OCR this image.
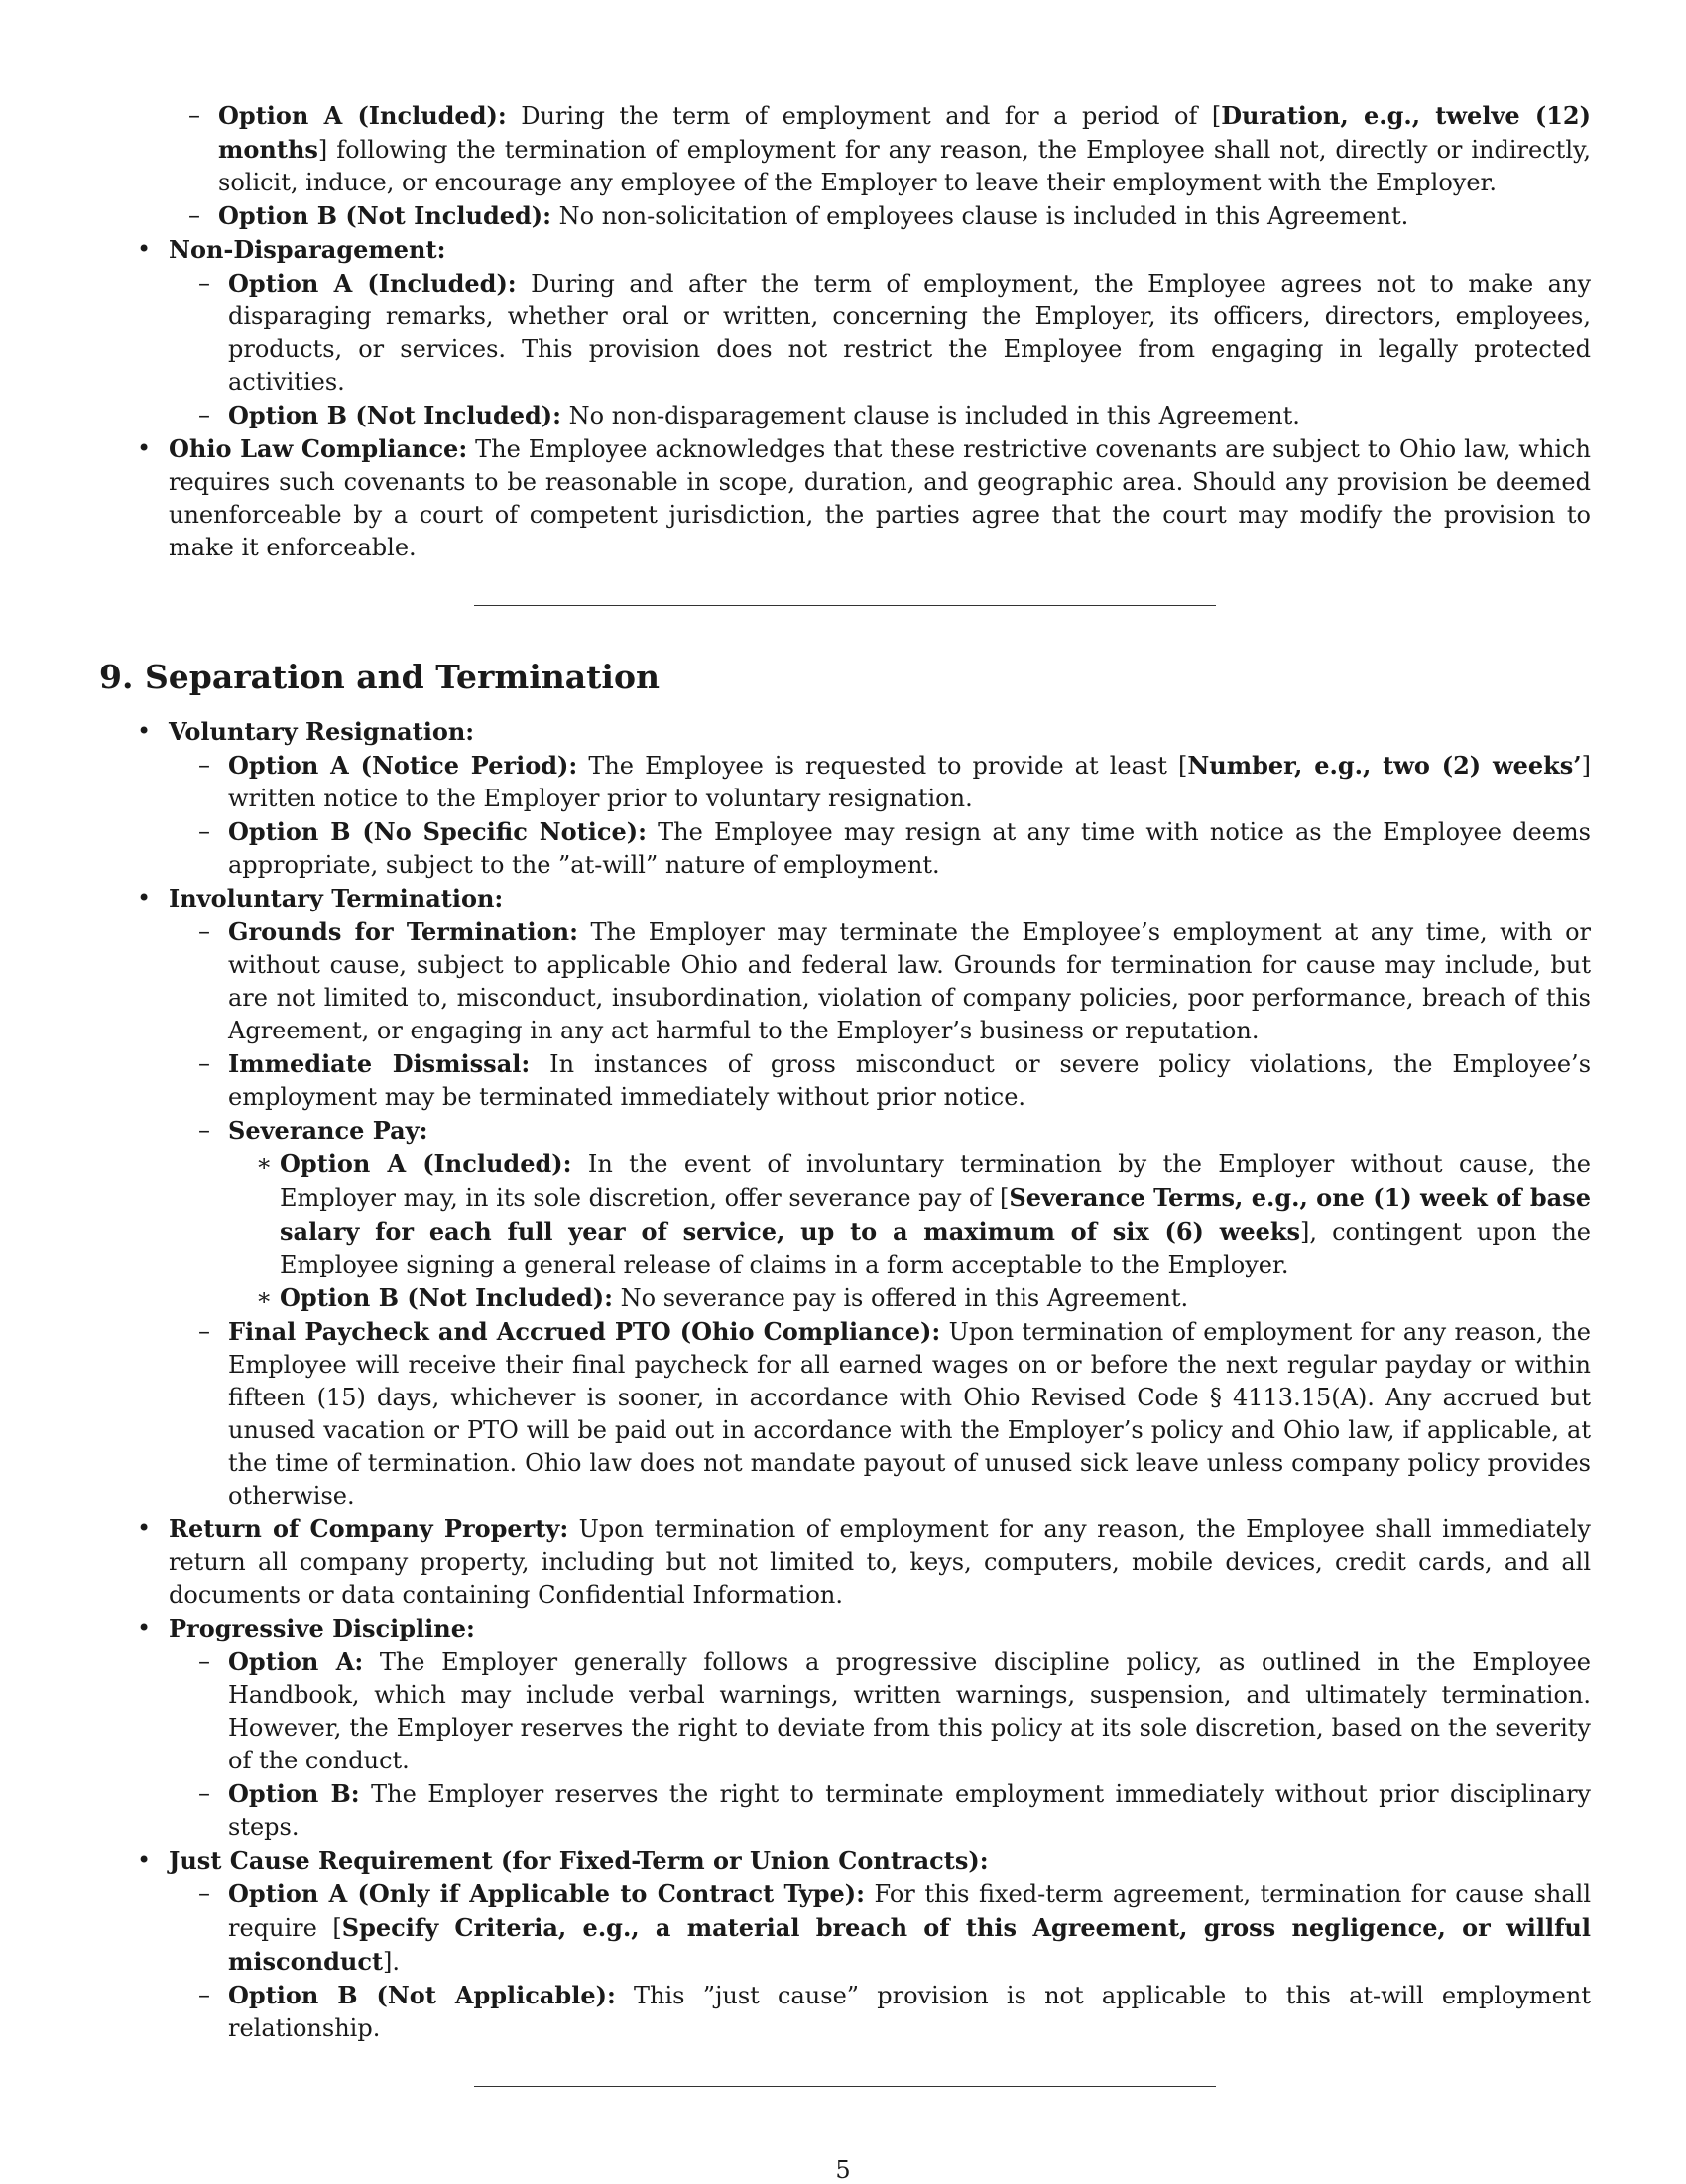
– Option A (Included): During the term of employment and for a period of [Duration, e.g., twelve (12) months] following the termination of employment for any reason, the Employee shall not, directly or indirectly, solicit, induce, or encourage any employee of the Employer to leave their employment with the Employer.
– Option B (Not Included): No non-solicitation of employees clause is included in this Agreement.
• Non-Disparagement:
– Option A (Included): During and after the term of employment, the Employee agrees not to make any disparaging remarks, whether oral or written, concerning the Employer, its officers, directors, employees, products, or services. This provision does not restrict the Employee from engaging in legally protected activities.
– Option B (Not Included): No non-disparagement clause is included in this Agreement.
• Ohio Law Compliance: The Employee acknowledges that these restrictive covenants are subject to Ohio law, which requires such covenants to be reasonable in scope, duration, and geographic area. Should any provision be deemed unenforceable by a court of competent jurisdiction, the parties agree that the court may modify the provision to make it enforceable.
9. Separation and Termination
• Voluntary Resignation:
– Option A (Notice Period): The Employee is requested to provide at least [Number, e.g., two (2) weeks’] written notice to the Employer prior to voluntary resignation.
– Option B (No Specific Notice): The Employee may resign at any time with notice as the Employee deems appropriate, subject to the ”at-will” nature of employment.
• Involuntary Termination:
– Grounds for Termination: The Employer may terminate the Employee’s employment at any time, with or without cause, subject to applicable Ohio and federal law. Grounds for termination for cause may include, but are not limited to, misconduct, insubordination, violation of company policies, poor performance, breach of this Agreement, or engaging in any act harmful to the Employer’s business or reputation.
– Immediate Dismissal: In instances of gross misconduct or severe policy violations, the Employee’s employment may be terminated immediately without prior notice.
– Severance Pay:
∗ Option A (Included): In the event of involuntary termination by the Employer without cause, the Employer may, in its sole discretion, offer severance pay of [Severance Terms, e.g., one (1) week of base salary for each full year of service, up to a maximum of six (6) weeks], contingent upon the Employee signing a general release of claims in a form acceptable to the Employer.
∗ Option B (Not Included): No severance pay is offered in this Agreement.
– Final Paycheck and Accrued PTO (Ohio Compliance): Upon termination of employment for any reason, the Employee will receive their final paycheck for all earned wages on or before the next regular payday or within fifteen (15) days, whichever is sooner, in accordance with Ohio Revised Code § 4113.15(A). Any accrued but unused vacation or PTO will be paid out in accordance with the Employer’s policy and Ohio law, if applicable, at the time of termination. Ohio law does not mandate payout of unused sick leave unless company policy provides otherwise.
• Return of Company Property: Upon termination of employment for any reason, the Employee shall immediately return all company property, including but not limited to, keys, computers, mobile devices, credit cards, and all documents or data containing Confidential Information.
• Progressive Discipline:
– Option A: The Employer generally follows a progressive discipline policy, as outlined in the Employee Handbook, which may include verbal warnings, written warnings, suspension, and ultimately termination. However, the Employer reserves the right to deviate from this policy at its sole discretion, based on the severity of the conduct.
– Option B: The Employer reserves the right to terminate employment immediately without prior disciplinary steps.
• Just Cause Requirement (for Fixed-Term or Union Contracts):
– Option A (Only if Applicable to Contract Type): For this fixed-term agreement, termination for cause shall require [Specify Criteria, e.g., a material breach of this Agreement, gross negligence, or willful misconduct].
– Option B (Not Applicable): This ”just cause” provision is not applicable to this at-will employment relationship.
5
